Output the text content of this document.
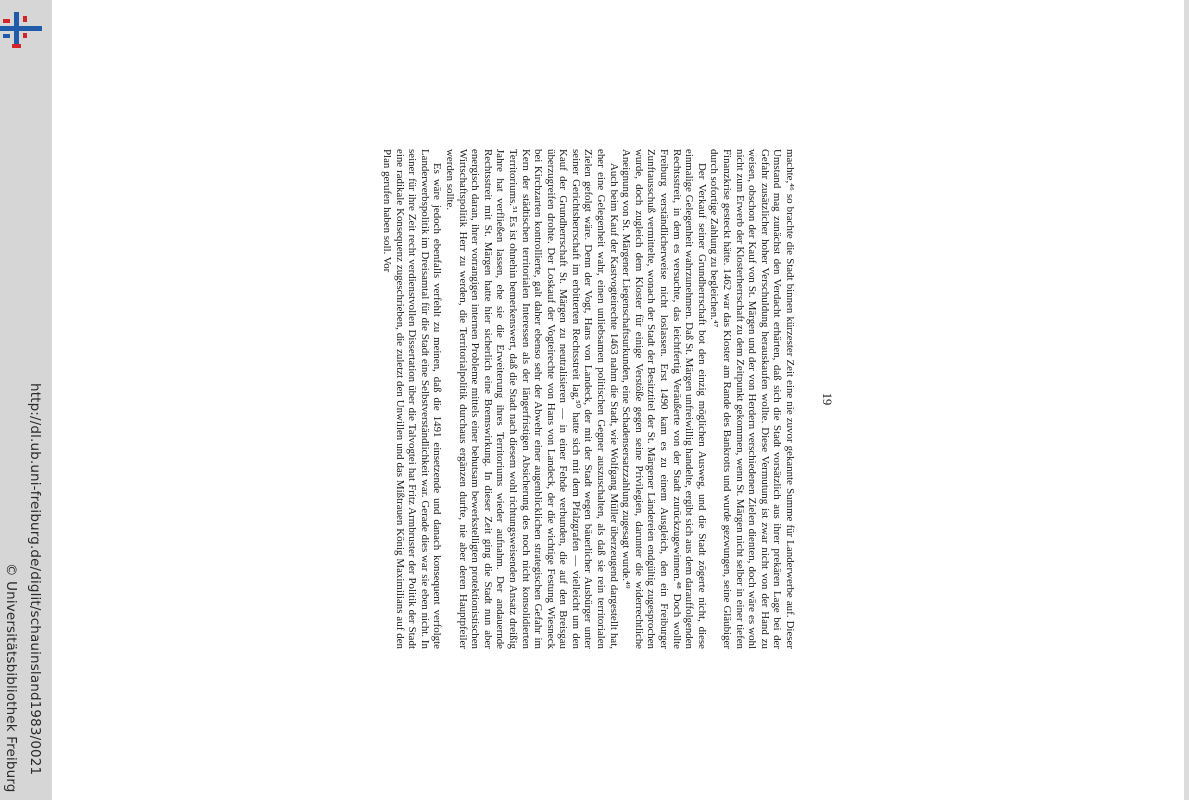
http://dl.ub.uni-freiburg.de/diglit/schauinsland1983/0021
© Universitätsbibliothek Freiburg
19

machte,⁴⁶ so brachte die Stadt binnen kürzester Zeit eine nie zuvor gekannte Summe für Landerwerbe auf. Dieser Umstand mag zunächst den Verdacht erhärten, daß sich die Stadt vorsätzlich aus ihrer prekären Lage bei der Gefahr zusätzlicher hoher Verschuldung herauskaufen wollte. Diese Vermutung ist zwar nicht von der Hand zu weisen, obschon der Kauf von St. Märgen und der von Herdern verschiedenen Zielen dienten, doch wäre es wohl nicht zum Erwerb der Klosterherrschaft zu dem Zeitpunkt gekommen, wenn St. Märgen nicht selber in einer tiefen Finanzkrise gesteckt hätte. 1462 war das Kloster am Rande des Bankrotts und wurde gezwungen, seine Gläubiger durch sofortige Zahlung zu begleichen.⁴⁷

Der Verkauf seiner Grundherrschaft bot den einzig möglichen Ausweg, und die Stadt zögerte nicht, diese einmalige Gelegenheit wahrzunehmen. Daß St. Märgen unfreiwillig handelte, ergibt sich aus dem darauffolgenden Rechtsstreit, in dem es versuchte, das leichtfertig Veräußerte von der Stadt zurückzugewinnen.⁴⁸ Doch wollte Freiburg verständlicherweise nicht loslassen. Erst 1490 kam es zu einem Ausgleich, den ein Freiburger Zunftausschuß vermittelte, wonach der Stadt der Besitztitel der St. Märgener Ländereien endgültig zugesprochen wurde, doch zugleich dem Kloster für einige Verstöße gegen seine Privilegien, darunter die widerrechtliche Aneignung von St. Märgener Liegenschaftsurkunden, eine Schadensersatzzahlung zugesagt wurde.⁴⁹

Auch beim Kauf der Kastvogteirechte 1463 nahm die Stadt, wie Wolfgang Müller überzeugend dargestellt hat, eher eine Gelegenheit wahr, einen unliebsamen politischen Gegner auszuschalten, als daß sie rein territorialen Zielen gefolgt wäre. Denn der Vogt, Hans von Landeck, der mit der Stadt wegen bäuerlicher Ausbürger unter seiner Gerichtsherrschaft im erbitterten Rechtsstreit lag,⁵⁰ hatte sich mit dem Pfalzgrafen — vielleicht um den Kauf der Grundherrschaft St. Märgen zu neutralisieren — in einer Fehde verbunden, die auf den Breisgau überzugreifen drohte. Der Loskauf der Vogteirechte von Hans von Landeck, der die wichtige Festung Wiesneck bei Kirchzarten kontrollierte, galt daher ebenso sehr der Abwehr einer augenblicklichen strategischen Gefahr im Kern der städtischen territorialen Interessen als der längerfristigen Absicherung des noch nicht konsolidierten Territoriums.⁵¹ Es ist ohnehin bemerkenswert, daß die Stadt nach diesem wohl richtungsweisenden Ansatz dreißig Jahre hat verfließen lassen, ehe sie die Erweiterung ihres Territoriums wieder aufnahm. Der andauernde Rechtsstreit mit St. Märgen hatte hier sicherlich eine Bremswirkung. In dieser Zeit ging die Stadt nun aber energisch daran, ihrer vorrangigen internen Probleme mittels einer behutsam bewerkstelligten protektionistischen Wirtschaftspolitik Herr zu werden, die Territorialpolitik durchaus ergänzen durfte, nie aber deren Hauptpfeiler werden sollte.

Es wäre jedoch ebenfalls verfehlt zu meinen, daß die 1491 einsetzende und danach konsequent verfolgte Landerwerbspolitik im Dreisamtal für die Stadt eine Selbstverständlichkeit war. Gerade dies war sie eben nicht. In seiner für ihre Zeit recht verdienstvollen Dissertation über die Talvogtei hat Fritz Armbruster der Politik der Stadt eine radikale Konsequenz zugeschrieben, die zuletzt den Unwillen und das Mißtrauen König Maximilians auf den Plan gerufen haben soll. Vor
